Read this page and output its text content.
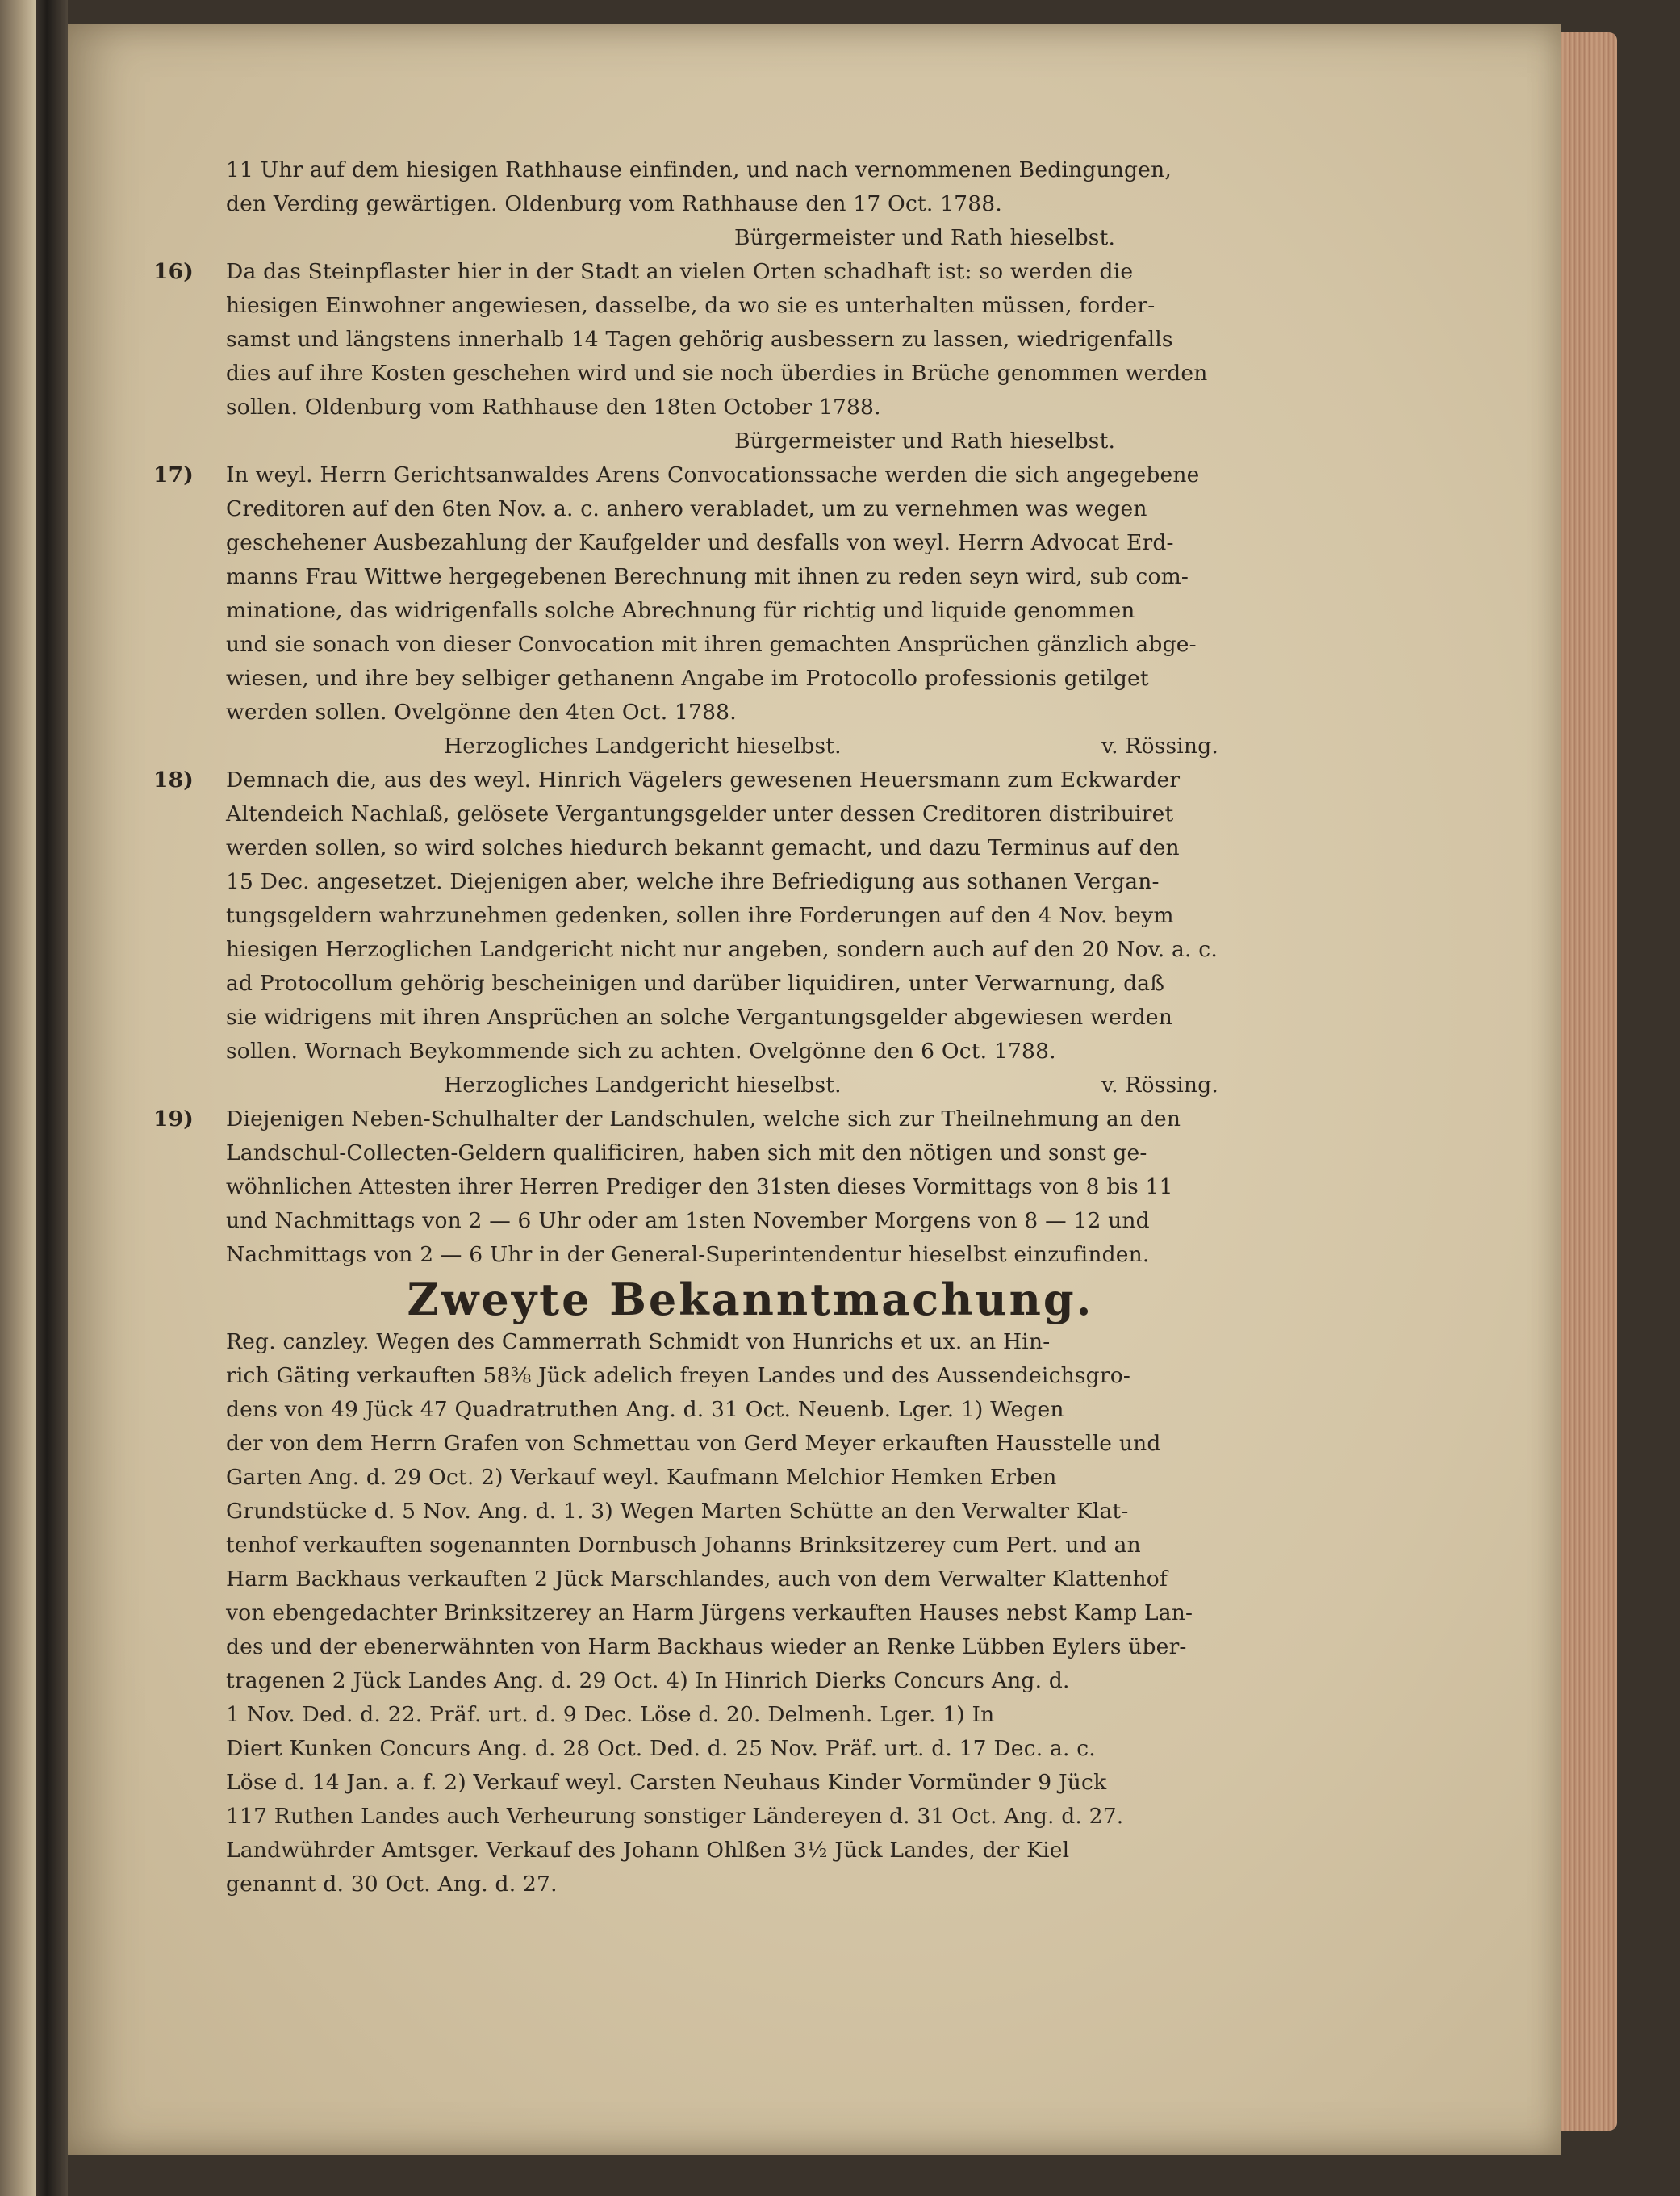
11 Uhr auf dem hiesigen Rathhause einfinden, und nach vernommenen Bedingungen,
den Verding gewärtigen. Oldenburg vom Rathhause den 17 Oct. 1788.
Bürgermeister und Rath hieselbst.
16) Da das Steinpflaster hier in der Stadt an vielen Orten schadhaft ist: so werden die
hiesigen Einwohner angewiesen, dasselbe, da wo sie es unterhalten müssen, forder-
samst und längstens innerhalb 14 Tagen gehörig ausbessern zu lassen, wiedrigenfalls
dies auf ihre Kosten geschehen wird und sie noch überdies in Brüche genommen werden
sollen. Oldenburg vom Rathhause den 18ten October 1788.
Bürgermeister und Rath hieselbst.
17) In weyl. Herrn Gerichtsanwaldes Arens Convocationssache werden die sich angegebene
Creditoren auf den 6ten Nov. a. c. anhero verabladet, um zu vernehmen was wegen
geschehener Ausbezahlung der Kaufgelder und desfalls von weyl. Herrn Advocat Erd-
manns Frau Wittwe hergegebenen Berechnung mit ihnen zu reden seyn wird, sub com-
minatione, das widrigenfalls solche Abrechnung für richtig und liquide genommen
und sie sonach von dieser Convocation mit ihren gemachten Ansprüchen gänzlich abge-
wiesen, und ihre bey selbiger gethanenn Angabe im Protocollo professionis getilget
werden sollen. Ovelgönne den 4ten Oct. 1788.
Herzogliches Landgericht hieselbst.	v. Rössing.
18) Demnach die, aus des weyl. Hinrich Vägelers gewesenen Heuersmann zum Eckwarder
Altendeich Nachlaß, gelösete Vergantungsgelder unter dessen Creditoren distribuiret
werden sollen, so wird solches hiedurch bekannt gemacht, und dazu Terminus auf den
15 Dec. angesetzet. Diejenigen aber, welche ihre Befriedigung aus sothanen Vergan-
tungsgeldern wahrzunehmen gedenken, sollen ihre Forderungen auf den 4 Nov. beym
hiesigen Herzoglichen Landgericht nicht nur angeben, sondern auch auf den 20 Nov. a. c.
ad Protocollum gehörig bescheinigen und darüber liquidiren, unter Verwarnung, daß
sie widrigens mit ihren Ansprüchen an solche Vergantungsgelder abgewiesen werden
sollen. Wornach Beykommende sich zu achten. Ovelgönne den 6 Oct. 1788.
Herzogliches Landgericht hieselbst.	v. Rössing.
19) Diejenigen Neben-Schulhalter der Landschulen, welche sich zur Theilnehmung an den
Landschul-Collecten-Geldern qualificiren, haben sich mit den nötigen und sonst ge-
wöhnlichen Attesten ihrer Herren Prediger den 31sten dieses Vormittags von 8 bis 11
und Nachmittags von 2 — 6 Uhr oder am 1sten November Morgens von 8 — 12 und
Nachmittags von 2 — 6 Uhr in der General-Superintendentur hieselbst einzufinden.
Zweyte Bekanntmachung.
Reg. canzley. Wegen des Cammerrath Schmidt von Hunrichs et ux. an Hin-
rich Gäting verkauften 58⅜ Jück adelich freyen Landes und des Aussendeichsgro-
dens von 49 Jück 47 Quadratruthen Ang. d. 31 Oct. Neuenb. Lger. 1) Wegen
der von dem Herrn Grafen von Schmettau von Gerd Meyer erkauften Hausstelle und
Garten Ang. d. 29 Oct. 2) Verkauf weyl. Kaufmann Melchior Hemken Erben
Grundstücke d. 5 Nov. Ang. d. 1. 3) Wegen Marten Schütte an den Verwalter Klat-
tenhof verkauften sogenannten Dornbusch Johanns Brinksitzerey cum Pert. und an
Harm Backhaus verkauften 2 Jück Marschlandes, auch von dem Verwalter Klattenhof
von ebengedachter Brinksitzerey an Harm Jürgens verkauften Hauses nebst Kamp Lan-
des und der ebenerwähnten von Harm Backhaus wieder an Renke Lübben Eylers über-
tragenen 2 Jück Landes Ang. d. 29 Oct. 4) In Hinrich Dierks Concurs Ang. d.
1 Nov. Ded. d. 22. Präf. urt. d. 9 Dec. Löse d. 20. Delmenh. Lger. 1) In
Diert Kunken Concurs Ang. d. 28 Oct. Ded. d. 25 Nov. Präf. urt. d. 17 Dec. a. c.
Löse d. 14 Jan. a. f. 2) Verkauf weyl. Carsten Neuhaus Kinder Vormünder 9 Jück
117 Ruthen Landes auch Verheurung sonstiger Ländereyen d. 31 Oct. Ang. d. 27.
Landwührder Amtsger. Verkauf des Johann Ohlßen 3½ Jück Landes, der Kiel
genannt d. 30 Oct. Ang. d. 27.
